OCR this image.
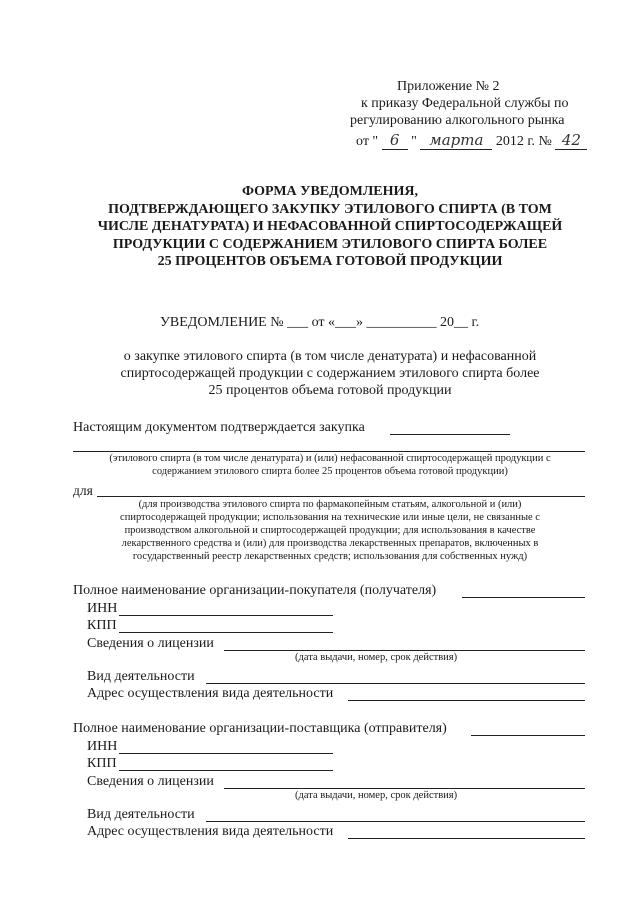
Приложение № 2
к приказу Федеральной службы по
регулированию алкогольного рынка
от " 6 " марта 2012 г. № 42
ФОРМА УВЕДОМЛЕНИЯ,
ПОДТВЕРЖДАЮЩЕГО ЗАКУПКУ ЭТИЛОВОГО СПИРТА (В ТОМ
ЧИСЛЕ ДЕНАТУРАТА) И НЕФАСОВАННОЙ СПИРТОСОДЕРЖАЩЕЙ
ПРОДУКЦИИ С СОДЕРЖАНИЕМ ЭТИЛОВОГО СПИРТА БОЛЕЕ
25 ПРОЦЕНТОВ ОБЪЕМА ГОТОВОЙ ПРОДУКЦИИ
УВЕДОМЛЕНИЕ № ___ от «___» __________ 20__ г.
о закупке этилового спирта (в том числе денатурата) и нефасованной
спиртосодержащей продукции с содержанием этилового спирта более
25 процентов объема готовой продукции
Настоящим документом подтверждается закупка
(этилового спирта (в том числе денатурата) и (или) нефасованной спиртосодержащей продукции с
содержанием этилового спирта более 25 процентов объема готовой продукции)
для
(для производства этилового спирта по фармакопейным статьям, алкогольной и (или)
спиртосодержащей продукции; использования на технические или иные цели, не связанные с
производством алкогольной и спиртосодержащей продукции; для использования в качестве
лекарственного средства и (или) для производства лекарственных препаратов, включенных в
государственный реестр лекарственных средств; использования для собственных нужд)
Полное наименование организации-покупателя (получателя)
ИНН
КПП
Сведения о лицензии
(дата выдачи, номер, срок действия)
Вид деятельности
Адрес осуществления вида деятельности
Полное наименование организации-поставщика (отправителя)
ИНН
КПП
Сведения о лицензии
(дата выдачи, номер, срок действия)
Вид деятельности
Адрес осуществления вида деятельности
